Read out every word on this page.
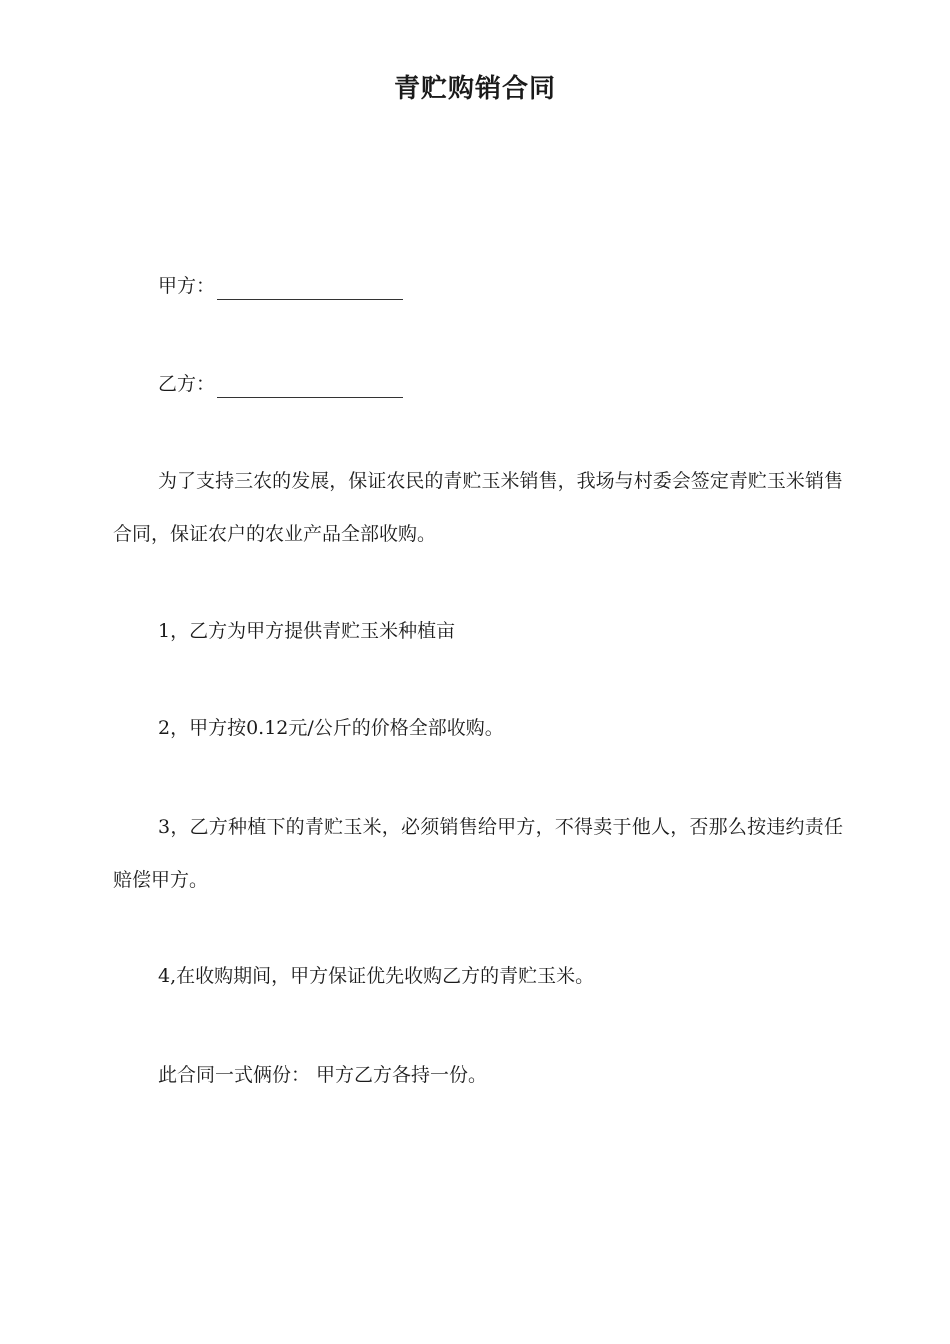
青贮购销合同
甲方：
乙方：

为了支持三农的发展，保证农民的青贮玉米销售，我场与村委会签定青贮玉米销售合同，保证农户的农业产品全部收购。

1，乙方为甲方提供青贮玉米种植亩

2，甲方按0.12元/公斤的价格全部收购。

3，乙方种植下的青贮玉米，必须销售给甲方，不得卖于他人，否那么按违约责任赔偿甲方。

4,在收购期间，甲方保证优先收购乙方的青贮玉米。

此合同一式俩份： 甲方乙方各持一份。
